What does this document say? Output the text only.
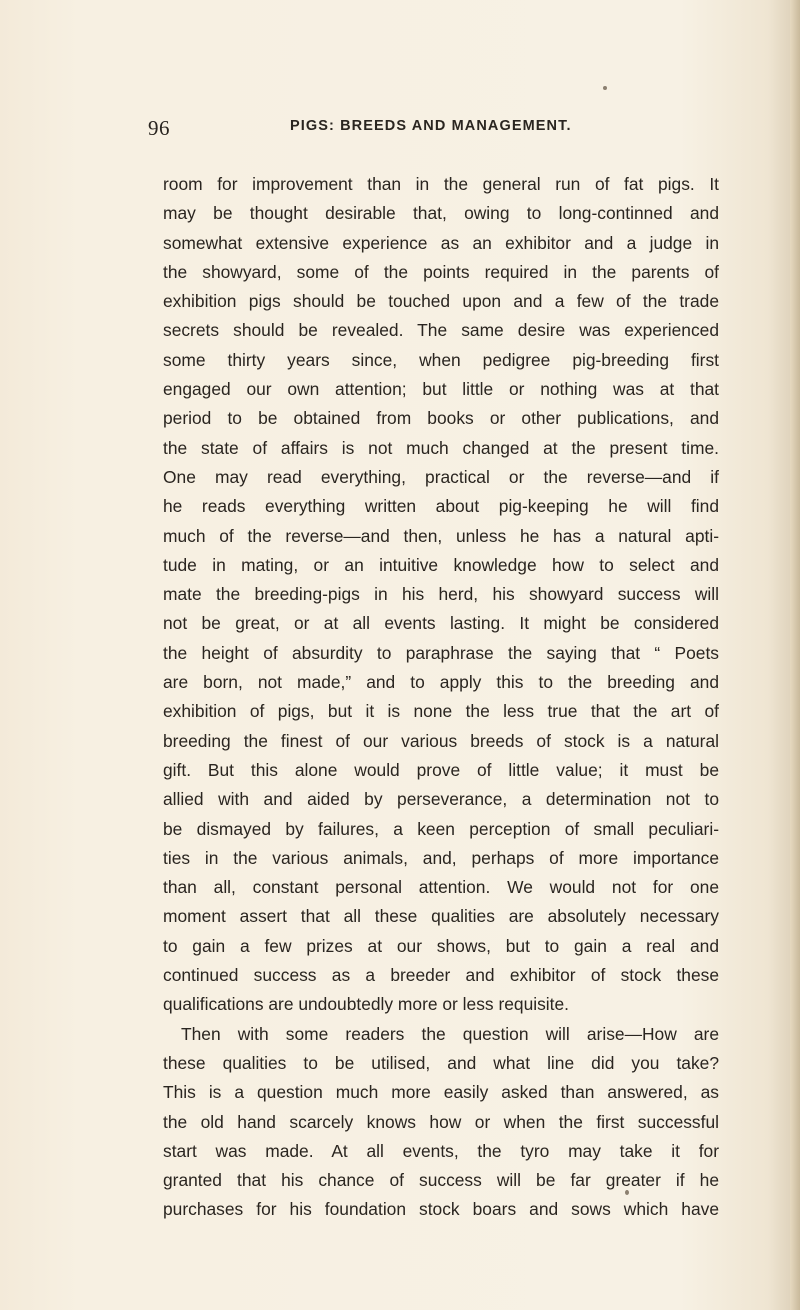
96	PIGS: BREEDS AND MANAGEMENT.
room for improvement than in the general run of fat pigs. It
may be thought desirable that, owing to long-continned and
somewhat extensive experience as an exhibitor and a judge in
the showyard, some of the points required in the parents of
exhibition pigs should be touched upon and a few of the trade
secrets should be revealed. The same desire was experienced
some thirty years since, when pedigree pig-breeding first
engaged our own attention; but little or nothing was at that
period to be obtained from books or other publications, and
the state of affairs is not much changed at the present time.
One may read everything, practical or the reverse—and if
he reads everything written about pig-keeping he will find
much of the reverse—and then, unless he has a natural apti-
tude in mating, or an intuitive knowledge how to select and
mate the breeding-pigs in his herd, his showyard success will
not be great, or at all events lasting. It might be considered
the height of absurdity to paraphrase the saying that “ Poets
are born, not made,” and to apply this to the breeding and
exhibition of pigs, but it is none the less true that the art of
breeding the finest of our various breeds of stock is a natural
gift. But this alone would prove of little value; it must be
allied with and aided by perseverance, a determination not to
be dismayed by failures, a keen perception of small peculiari-
ties in the various animals, and, perhaps of more importance
than all, constant personal attention. We would not for one
moment assert that all these qualities are absolutely necessary
to gain a few prizes at our shows, but to gain a real and
continued success as a breeder and exhibitor of stock these
qualifications are undoubtedly more or less requisite.
Then with some readers the question will arise—How are
these qualities to be utilised, and what line did you take?
This is a question much more easily asked than answered, as
the old hand scarcely knows how or when the first successful
start was made. At all events, the tyro may take it for
granted that his chance of success will be far greater if he
purchases for his foundation stock boars and sows which have
